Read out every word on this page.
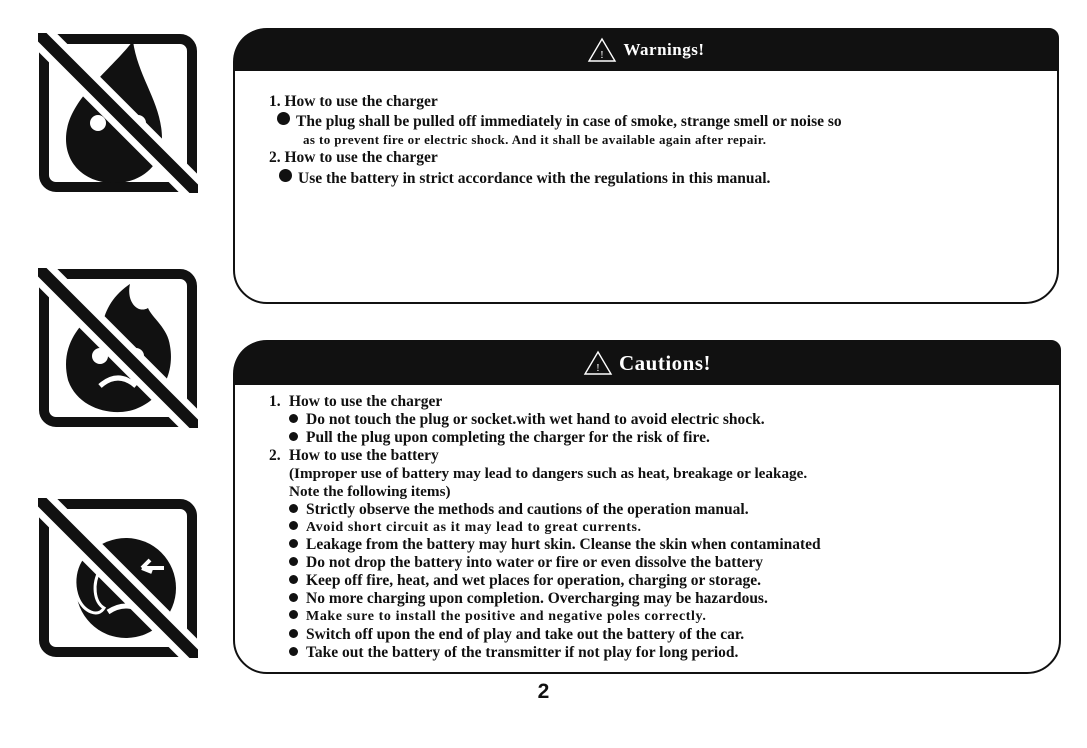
! Warnings!
1. How to use the charger
The plug shall be pulled off immediately in case of smoke, strange smell or noise so
as to prevent fire or electric shock. And it shall be available again after repair.
2. How to use the charger
Use the battery in strict accordance with the regulations in this manual.
! Cautions!
1. How to use the charger
Do not touch the plug or socket.with wet hand to avoid electric shock.
Pull the plug upon completing the charger for the risk of fire.
2. How to use the battery
(Improper use of battery may lead to dangers such as heat, breakage or leakage.
Note the following items)
Strictly observe the methods and cautions of the operation manual.
Avoid short circuit as it may lead to great currents.
Leakage from the battery may hurt skin. Cleanse the skin when contaminated
Do not drop the battery into water or fire or even dissolve the battery
Keep off fire, heat, and wet places for operation, charging or storage.
No more charging upon completion. Overcharging may be hazardous.
Make sure to install the positive and negative poles correctly.
Switch off upon the end of play and take out the battery of the car.
Take out the battery of the transmitter if not play for long period.
2
